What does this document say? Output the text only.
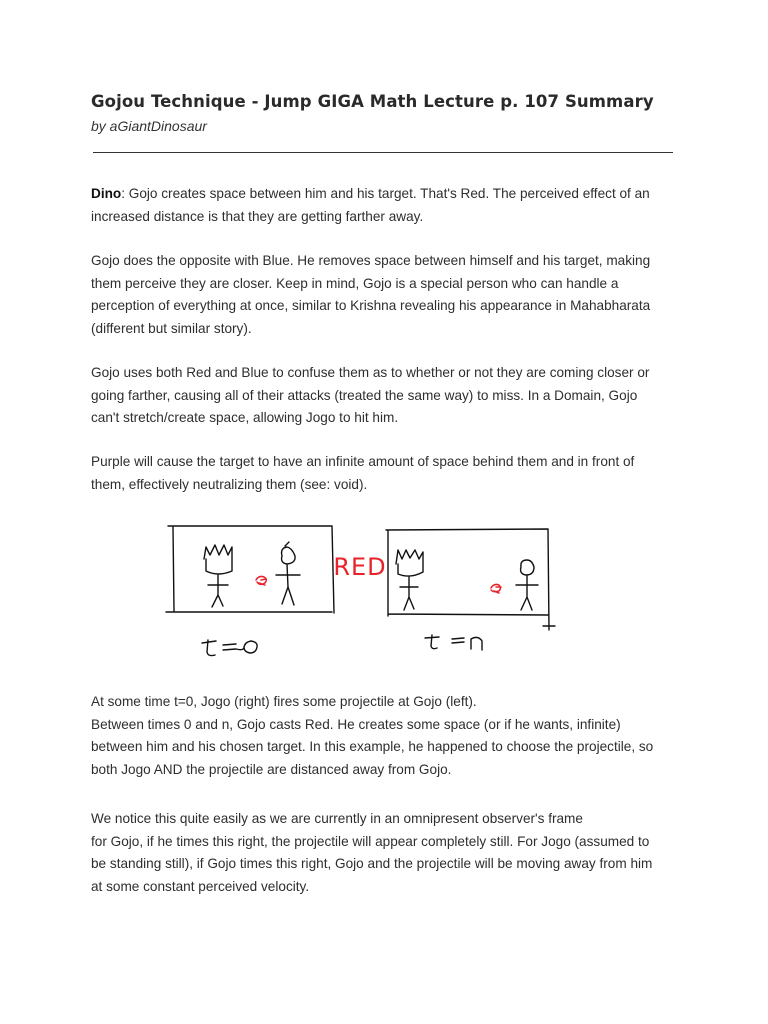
Gojou Technique - Jump GIGA Math Lecture p. 107 Summary

by aGiantDinosaur

Dino: Gojo creates space between him and his target. That's Red. The perceived effect of an
increased distance is that they are getting farther away.

Gojo does the opposite with Blue. He removes space between himself and his target, making
them perceive they are closer. Keep in mind, Gojo is a special person who can handle a
perception of everything at once, similar to Krishna revealing his appearance in Mahabharata
(different but similar story).

Gojo uses both Red and Blue to confuse them as to whether or not they are coming closer or
going farther, causing all of their attacks (treated the same way) to miss. In a Domain, Gojo
can't stretch/create space, allowing Jogo to hit him.

Purple will cause the target to have an infinite amount of space behind them and in front of
them, effectively neutralizing them (see: void).

RED

At some time t=0, Jogo (right) fires some projectile at Gojo (left).
Between times 0 and n, Gojo casts Red. He creates some space (or if he wants, infinite)
between him and his chosen target. In this example, he happened to choose the projectile, so
both Jogo AND the projectile are distanced away from Gojo.

We notice this quite easily as we are currently in an omnipresent observer's frame
for Gojo, if he times this right, the projectile will appear completely still. For Jogo (assumed to
be standing still), if Gojo times this right, Gojo and the projectile will be moving away from him
at some constant perceived velocity.
